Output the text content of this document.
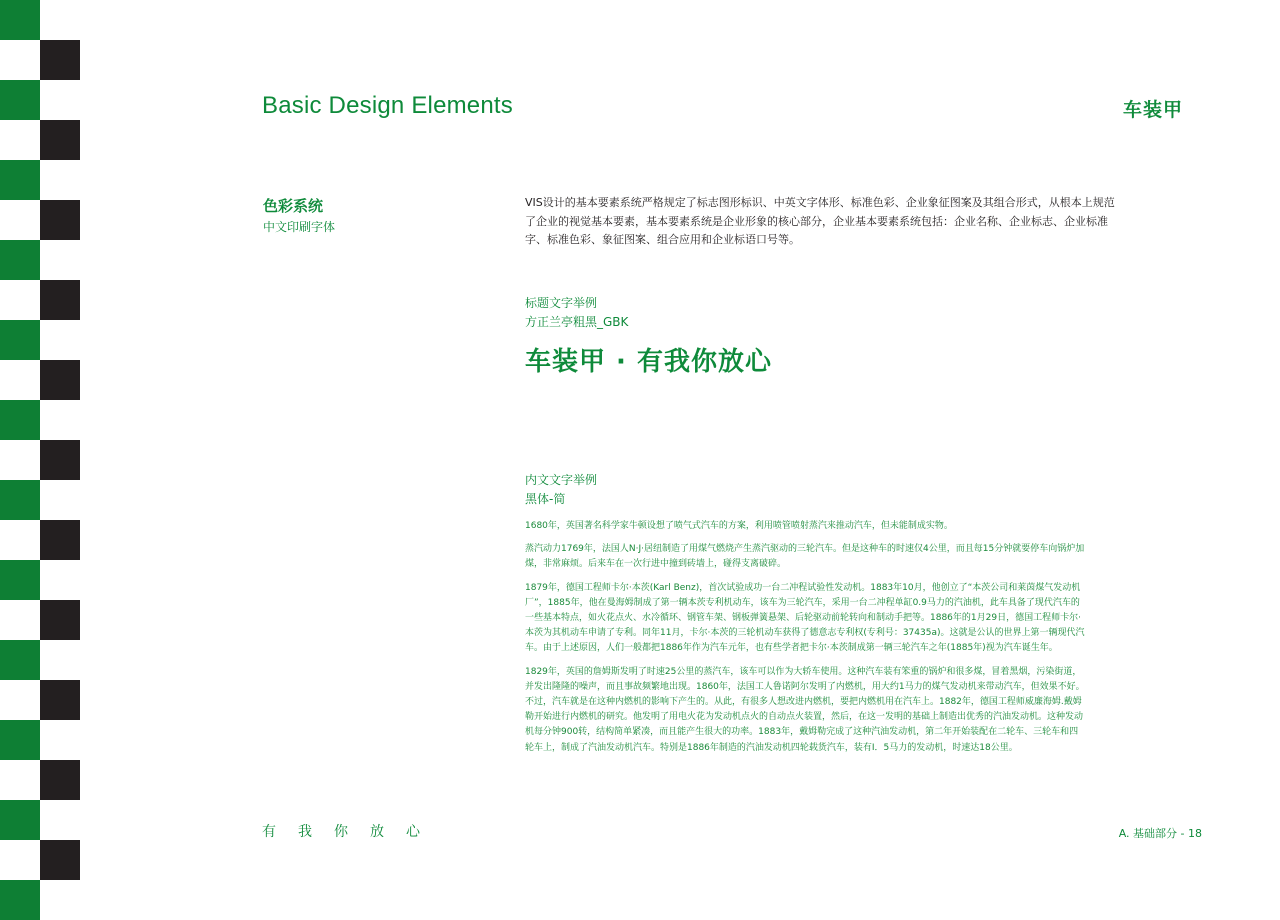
Basic Design Elements	车装甲
色彩系统
中文印刷字体
VIS设计的基本要素系统严格规定了标志图形标识、中英文字体形、标准色彩、企业象征图案及其组合形式，从根本上规范了企业的视觉基本要素，基本要素系统是企业形象的核心部分，企业基本要素系统包括：企业名称、企业标志、企业标准字、标准色彩、象征图案、组合应用和企业标语口号等。
标题文字举例
方正兰亭粗黑_GBK
车装甲 · 有我你放心
内文文字举例
黑体-简

1680年，英国著名科学家牛顿设想了喷气式汽车的方案，利用喷管喷射蒸汽来推动汽车，但未能制成实物。

蒸汽动力1769年，法国人N·J·居纽制造了用煤气燃烧产生蒸汽驱动的三轮汽车。但是这种车的时速仅4公里，而且每15分钟就要停车向锅炉加煤，非常麻烦。后来车在一次行进中撞到砖墙上，碰得支离破碎。

1879年，德国工程师卡尔·本茨(Karl Benz)，首次试验成功一台二冲程试验性发动机。1883年10月，他创立了“本茨公司和莱茵煤气发动机厂”，1885年，他在曼海姆制成了第一辆本茨专利机动车，该车为三轮汽车，采用一台二冲程单缸0.9马力的汽油机，此车具备了现代汽车的一些基本特点，如火花点火、水冷循环、钢管车架、钢板弹簧悬架、后轮驱动前轮转向和制动手把等。1886年的1月29日，德国工程师卡尔·本茨为其机动车申请了专利。同年11月，卡尔·本茨的三轮机动车获得了德意志专利权(专利号：37435a)。这就是公认的世界上第一辆现代汽车。由于上述原因，人们一般都把1886年作为汽车元年，也有些学者把卡尔·本茨制成第一辆三轮汽车之年(1885年)视为汽车诞生年。

1829年，英国的詹姆斯发明了时速25公里的蒸汽车，该车可以作为大轿车使用。这种汽车装有笨重的锅炉和很多煤，冒着黑烟，污染街道，并发出隆隆的噪声，而且事故频繁地出现。1860年，法国工人鲁诺阿尔发明了内燃机，用大约1马力的煤气发动机来带动汽车，但效果不好。不过，汽车就是在这种内燃机的影响下产生的。从此，有很多人想改进内燃机，要把内燃机用在汽车上。1882年，德国工程师威廉海姆.戴姆勒开始进行内燃机的研究。他发明了用电火花为发动机点火的自动点火装置，然后，在这一发明的基础上制造出优秀的汽油发动机。这种发动机每分钟900转，结构简单紧凑，而且能产生很大的功率。1883年，戴姆勒完成了这种汽油发动机，第二年开始装配在二轮车、三轮车和四轮车上，制成了汽油发动机汽车。特别是1886年制造的汽油发动机四轮载货汽车，装有I．5马力的发动机，时速达18公里。

有我你放心	A. 基础部分 - 18
